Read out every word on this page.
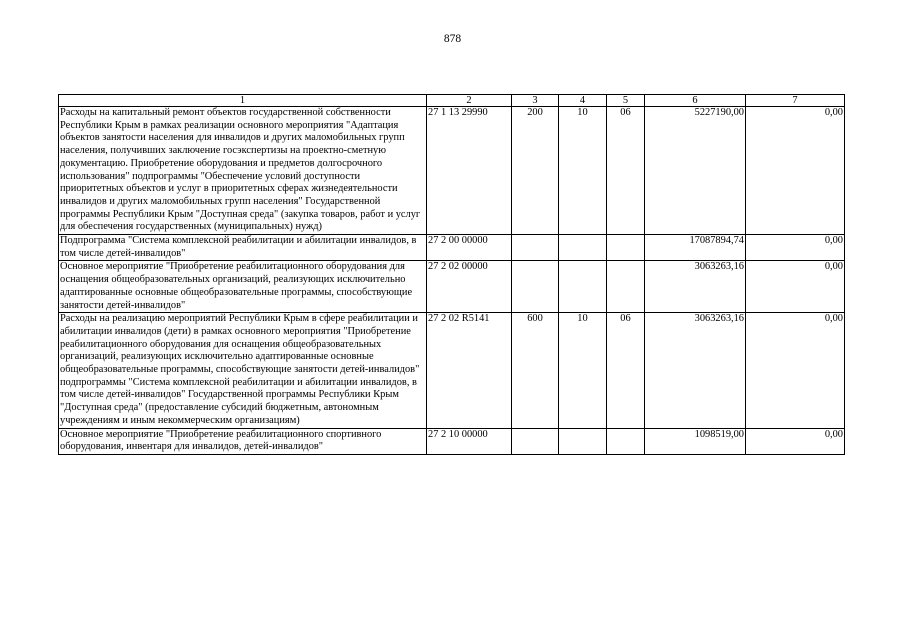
878
1	2	3	4	5	6	7
Расходы на капитальный ремонт объектов государственной собственности Республики Крым в рамках реализации основного мероприятия "Адаптация объектов занятости населения для инвалидов и других маломобильных групп населения, получивших заключение госэкспертизы на проектно-сметную документацию. Приобретение оборудования и предметов долгосрочного использования" подпрограммы "Обеспечение условий доступности приоритетных объектов и услуг в приоритетных сферах жизнедеятельности инвалидов и других маломобильных групп населения" Государственной программы Республики Крым "Доступная среда" (закупка товаров, работ и услуг для обеспечения государственных (муниципальных) нужд)	27 1 13 29990	200	10	06	5227190,00	0,00
Подпрограмма "Система комплексной реабилитации и абилитации инвалидов, в том числе детей-инвалидов"	27 2 00 00000				17087894,74	0,00
Основное мероприятие "Приобретение реабилитационного оборудования для оснащения общеобразовательных организаций, реализующих исключительно адаптированные основные общеобразовательные программы, способствующие занятости детей-инвалидов"	27 2 02 00000				3063263,16	0,00
Расходы на реализацию мероприятий Республики Крым в сфере реабилитации и абилитации инвалидов (дети) в рамках основного мероприятия "Приобретение реабилитационного оборудования для оснащения общеобразовательных организаций, реализующих исключительно адаптированные основные общеобразовательные программы, способствующие занятости детей-инвалидов" подпрограммы "Система комплексной реабилитации и абилитации инвалидов, в том числе детей-инвалидов" Государственной программы Республики Крым "Доступная среда" (предоставление субсидий бюджетным, автономным учреждениям и иным некоммерческим организациям)	27 2 02 R5141	600	10	06	3063263,16	0,00
Основное мероприятие "Приобретение реабилитационного спортивного оборудования, инвентаря для инвалидов, детей-инвалидов"	27 2 10 00000				1098519,00	0,00
